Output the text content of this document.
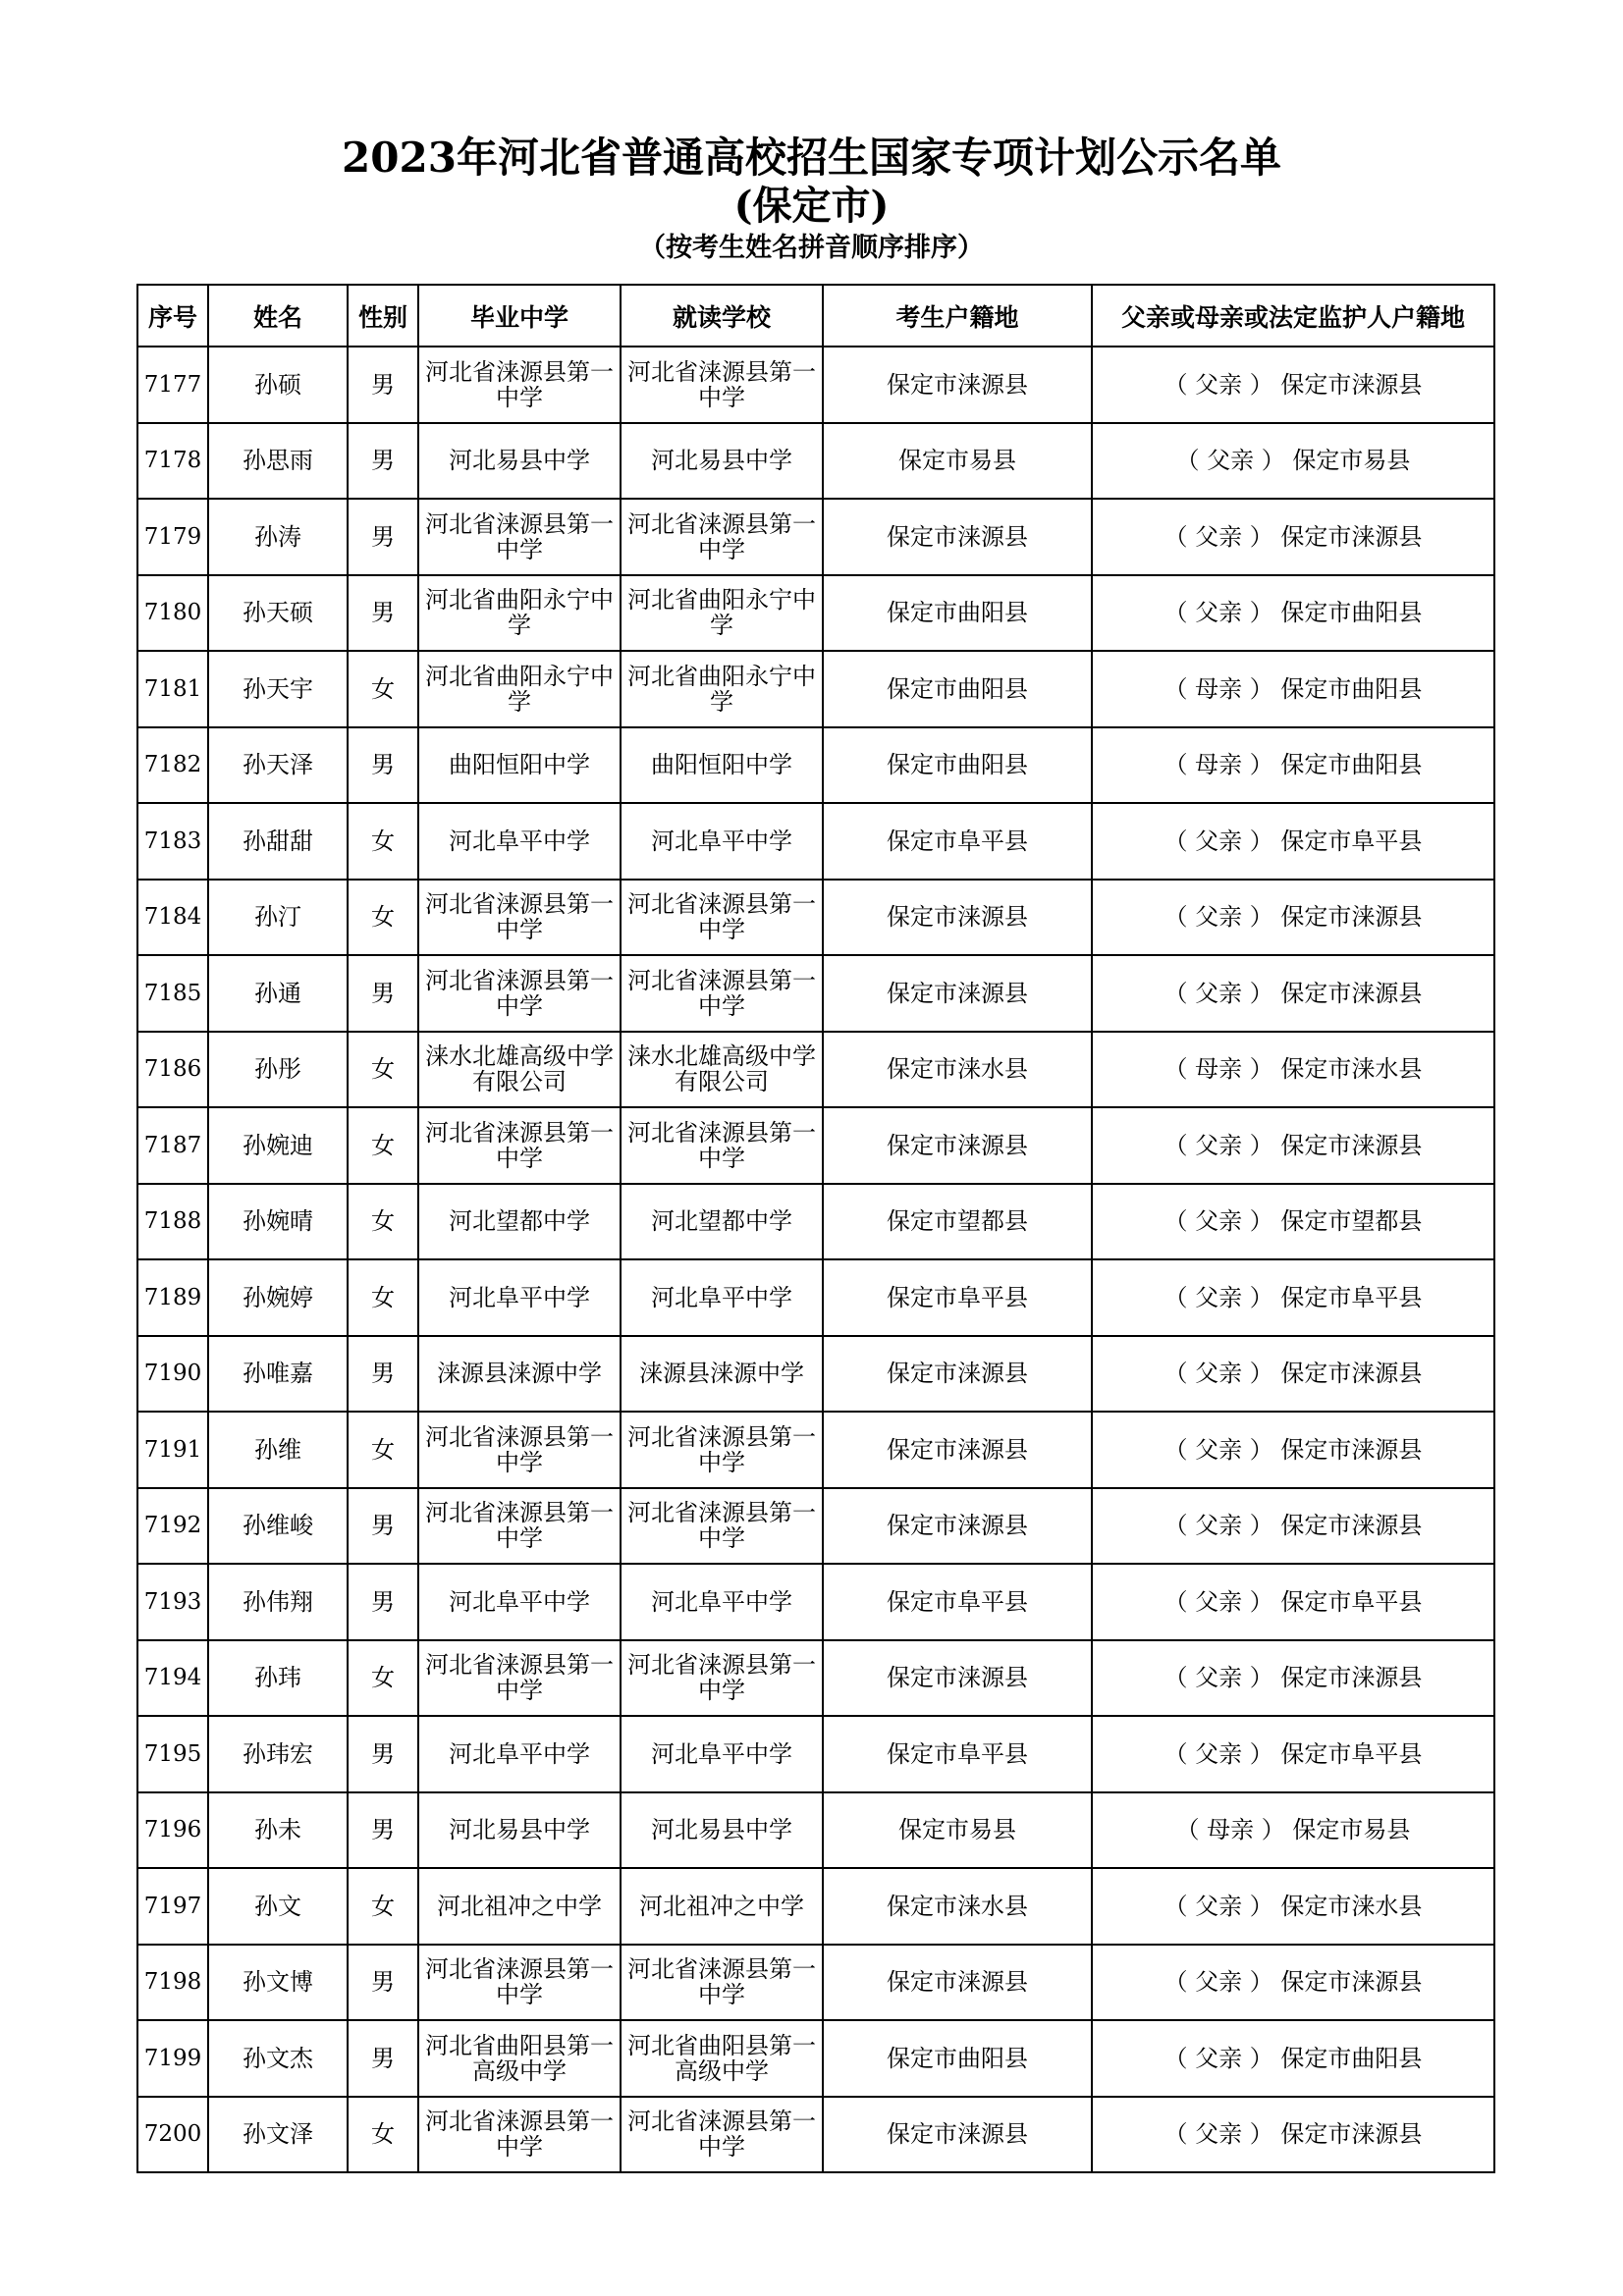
2023年河北省普通高校招生国家专项计划公示名单
(保定市)
（按考生姓名拼音顺序排序）
序号	姓名	性别	毕业中学	就读学校	考生户籍地	父亲或母亲或法定监护人户籍地
7177	孙硕	男	河北省涞源县第一中学	河北省涞源县第一中学	保定市涞源县	（ 父亲 ） 保定市涞源县
7178	孙思雨	男	河北易县中学	河北易县中学	保定市易县	（ 父亲 ） 保定市易县
7179	孙涛	男	河北省涞源县第一中学	河北省涞源县第一中学	保定市涞源县	（ 父亲 ） 保定市涞源县
7180	孙天硕	男	河北省曲阳永宁中学	河北省曲阳永宁中学	保定市曲阳县	（ 父亲 ） 保定市曲阳县
7181	孙天宇	女	河北省曲阳永宁中学	河北省曲阳永宁中学	保定市曲阳县	（ 母亲 ） 保定市曲阳县
7182	孙天泽	男	曲阳恒阳中学	曲阳恒阳中学	保定市曲阳县	（ 母亲 ） 保定市曲阳县
7183	孙甜甜	女	河北阜平中学	河北阜平中学	保定市阜平县	（ 父亲 ） 保定市阜平县
7184	孙汀	女	河北省涞源县第一中学	河北省涞源县第一中学	保定市涞源县	（ 父亲 ） 保定市涞源县
7185	孙通	男	河北省涞源县第一中学	河北省涞源县第一中学	保定市涞源县	（ 父亲 ） 保定市涞源县
7186	孙彤	女	涞水北雄高级中学有限公司	涞水北雄高级中学有限公司	保定市涞水县	（ 母亲 ） 保定市涞水县
7187	孙婉迪	女	河北省涞源县第一中学	河北省涞源县第一中学	保定市涞源县	（ 父亲 ） 保定市涞源县
7188	孙婉晴	女	河北望都中学	河北望都中学	保定市望都县	（ 父亲 ） 保定市望都县
7189	孙婉婷	女	河北阜平中学	河北阜平中学	保定市阜平县	（ 父亲 ） 保定市阜平县
7190	孙唯嘉	男	涞源县涞源中学	涞源县涞源中学	保定市涞源县	（ 父亲 ） 保定市涞源县
7191	孙维	女	河北省涞源县第一中学	河北省涞源县第一中学	保定市涞源县	（ 父亲 ） 保定市涞源县
7192	孙维峻	男	河北省涞源县第一中学	河北省涞源县第一中学	保定市涞源县	（ 父亲 ） 保定市涞源县
7193	孙伟翔	男	河北阜平中学	河北阜平中学	保定市阜平县	（ 父亲 ） 保定市阜平县
7194	孙玮	女	河北省涞源县第一中学	河北省涞源县第一中学	保定市涞源县	（ 父亲 ） 保定市涞源县
7195	孙玮宏	男	河北阜平中学	河北阜平中学	保定市阜平县	（ 父亲 ） 保定市阜平县
7196	孙未	男	河北易县中学	河北易县中学	保定市易县	（ 母亲 ） 保定市易县
7197	孙文	女	河北祖冲之中学	河北祖冲之中学	保定市涞水县	（ 父亲 ） 保定市涞水县
7198	孙文博	男	河北省涞源县第一中学	河北省涞源县第一中学	保定市涞源县	（ 父亲 ） 保定市涞源县
7199	孙文杰	男	河北省曲阳县第一高级中学	河北省曲阳县第一高级中学	保定市曲阳县	（ 父亲 ） 保定市曲阳县
7200	孙文泽	女	河北省涞源县第一中学	河北省涞源县第一中学	保定市涞源县	（ 父亲 ） 保定市涞源县
